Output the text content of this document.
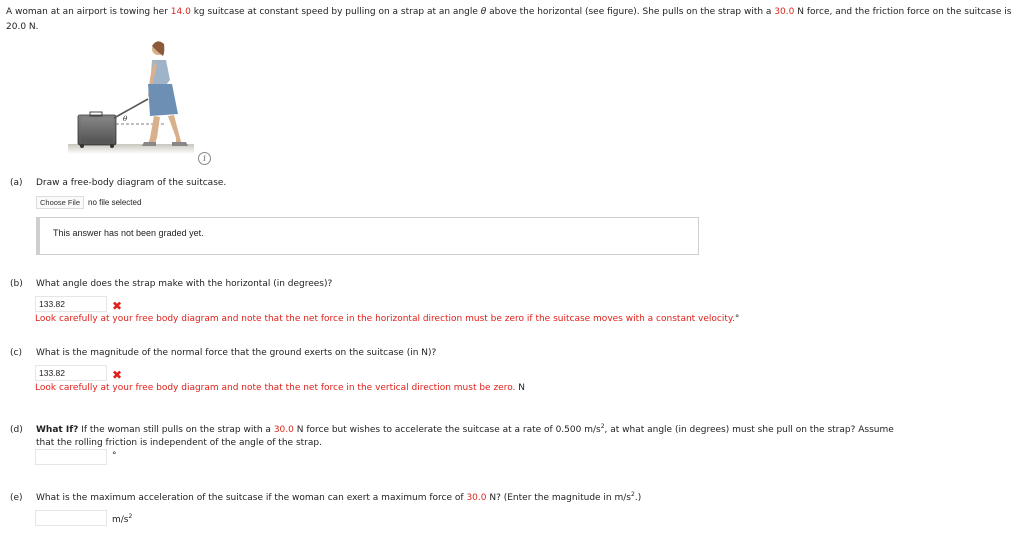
A woman at an airport is towing her 14.0 kg suitcase at constant speed by pulling on a strap at an angle θ above the horizontal (see figure). She pulls on the strap with a 30.0 N force, and the friction force on the suitcase is 20.0 N.
θ
i
(a) Draw a free-body diagram of the suitcase.
Choose File no file selected
This answer has not been graded yet.
(b) What angle does the strap make with the horizontal (in degrees)?
133.82	✖
Look carefully at your free body diagram and note that the net force in the horizontal direction must be zero if the suitcase moves with a constant velocity.°
(c) What is the magnitude of the normal force that the ground exerts on the suitcase (in N)?
133.82	✖
Look carefully at your free body diagram and note that the net force in the vertical direction must be zero. N
(d) What If? If the woman still pulls on the strap with a 30.0 N force but wishes to accelerate the suitcase at a rate of 0.500 $m/s^2$, at what angle (in degrees) must she pull on the strap? Assume
that the rolling friction is independent of the angle of the strap.
°
(e) What is the maximum acceleration of the suitcase if the woman can exert a maximum force of 30.0 N? (Enter the magnitude in $m/s^2$.)
$m/s^2$
